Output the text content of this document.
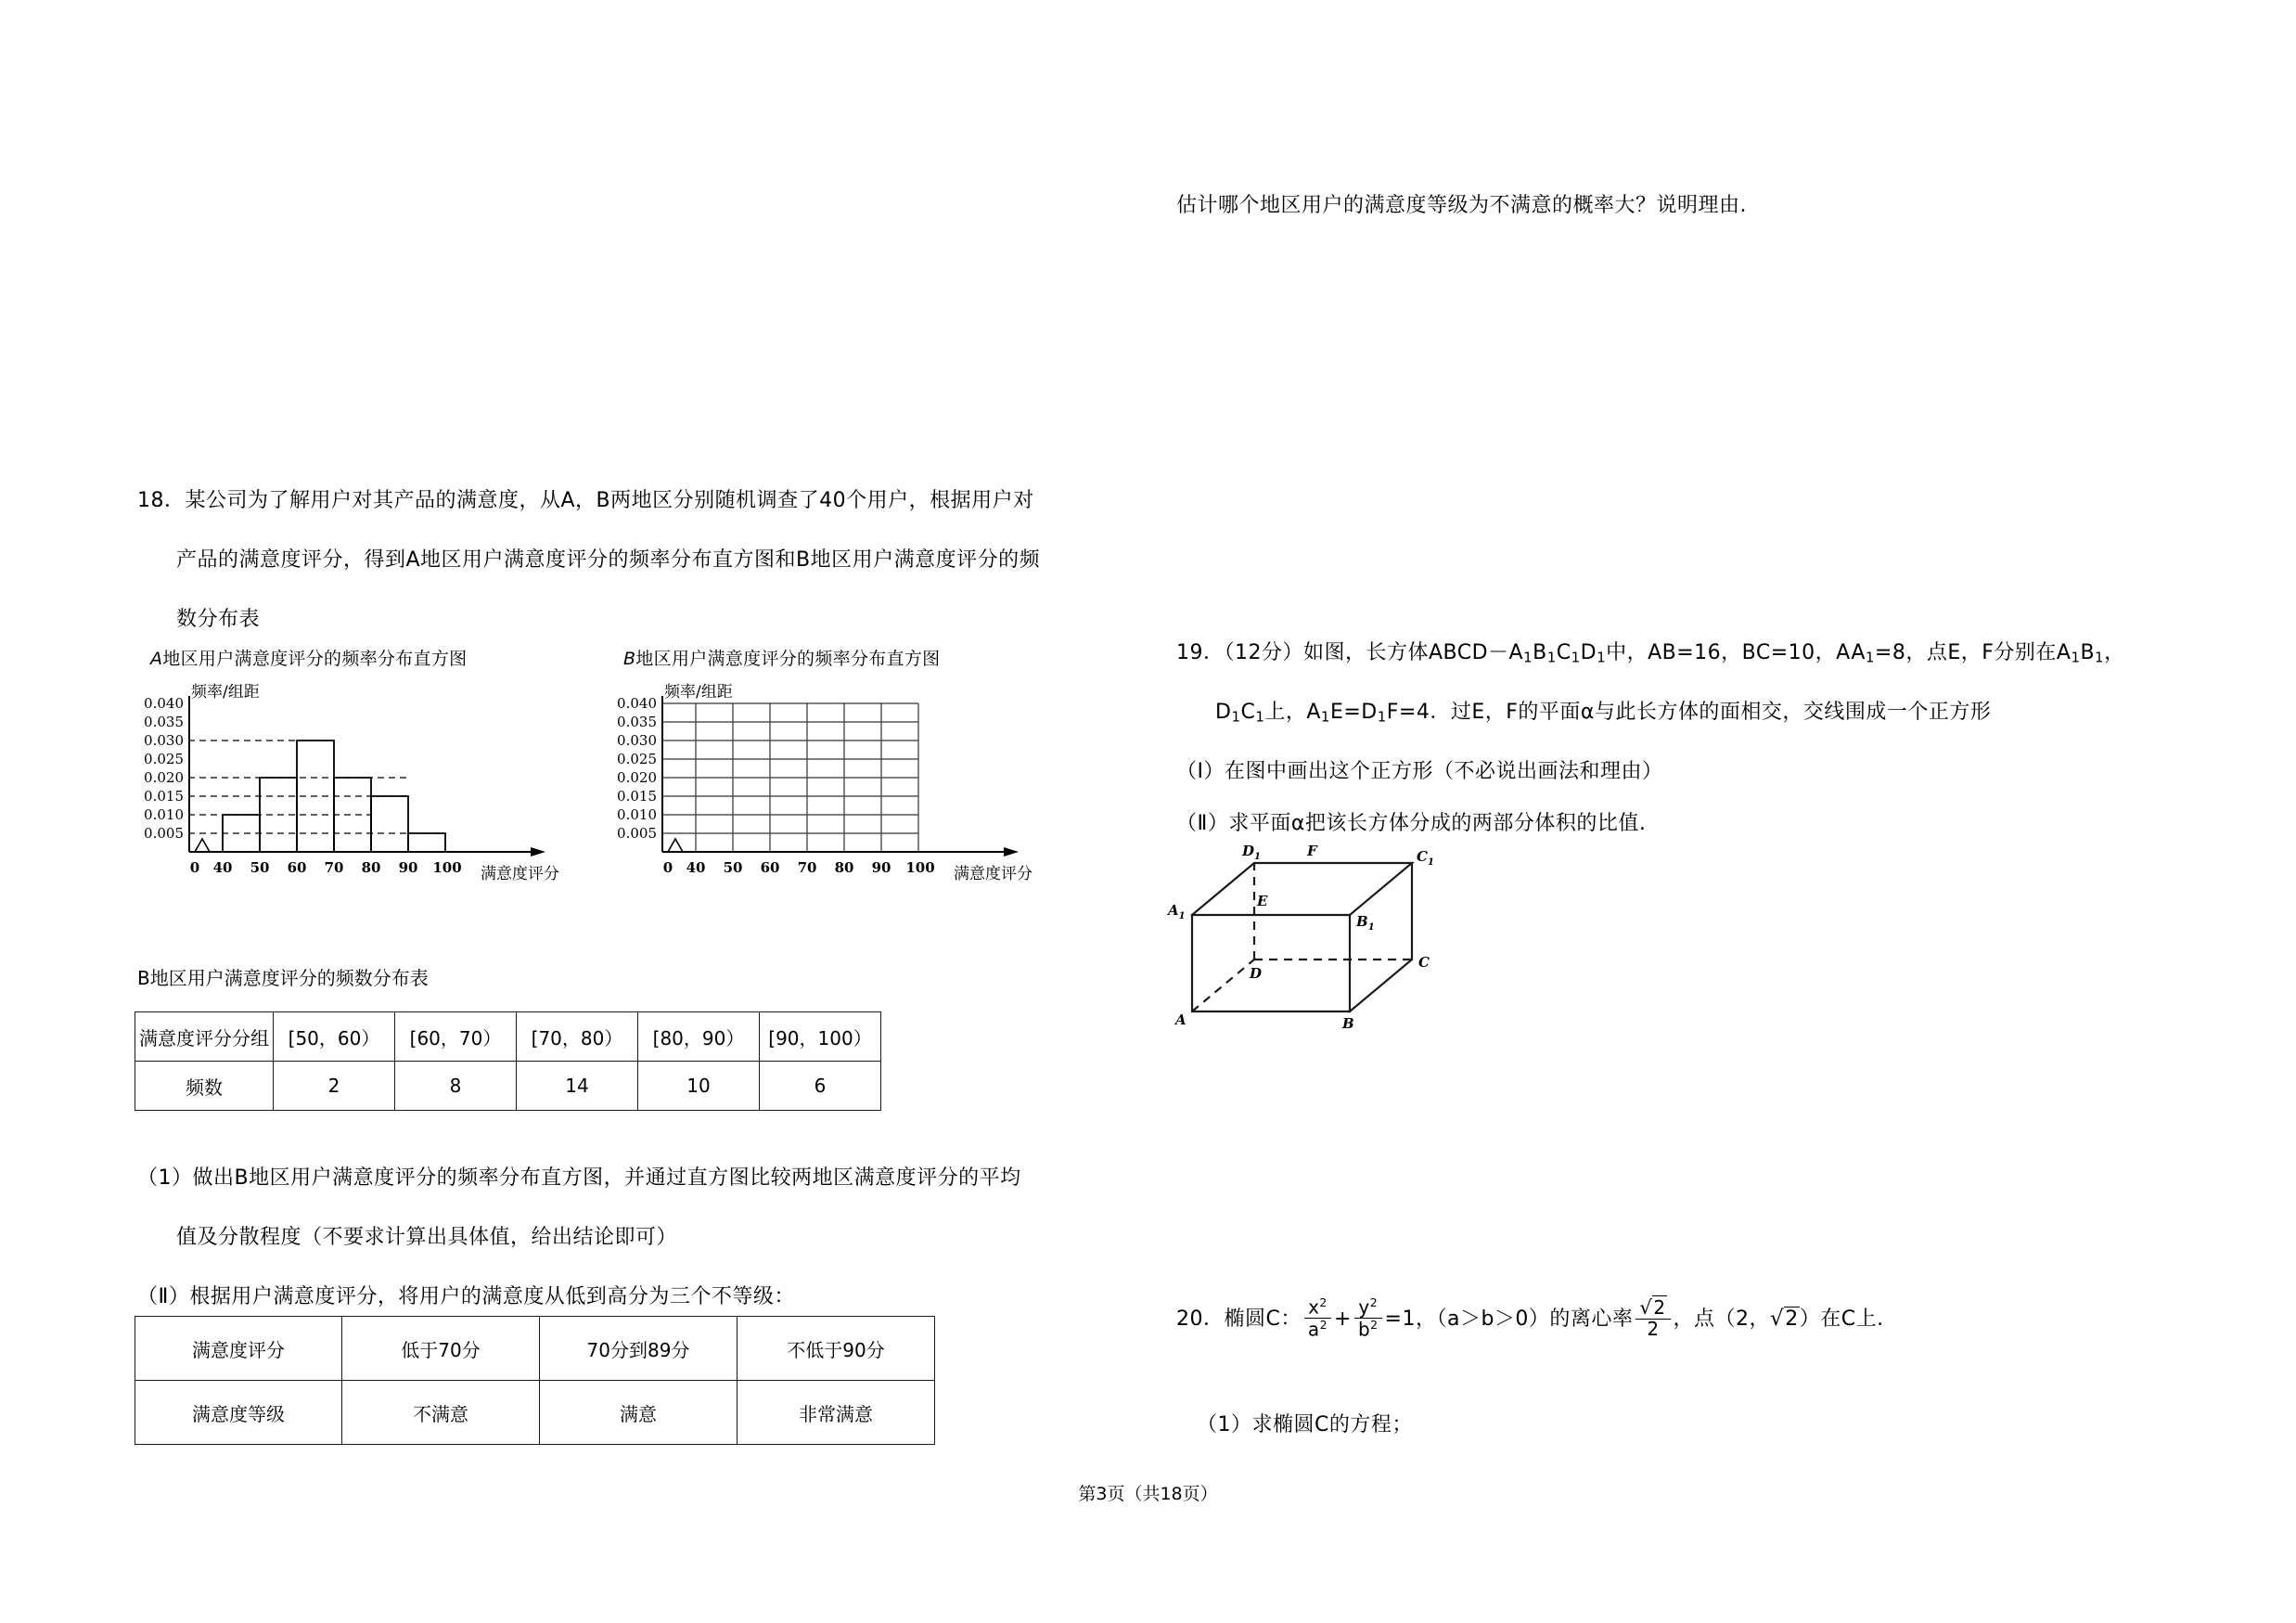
估计哪个地区用户的满意度等级为不满意的概率大？说明理由.
18．某公司为了解用户对其产品的满意度，从A，B两地区分别随机调查了40个用户，根据用户对
产品的满意度评分，得到A地区用户满意度评分的频率分布直方图和B地区用户满意度评分的频
数分布表
A地区用户满意度评分的频率分布直方图
频率/组距
0.040
0.035
0.030
0.025
0.020
0.015
0.010
0.005
0 40 50 60 70 80 90 100 满意度评分
B地区用户满意度评分的频率分布直方图
频率/组距
0.040
0.035
0.030
0.025
0.020
0.015
0.010
0.005
0 40 50 60 70 80 90 100 满意度评分
B地区用户满意度评分的频数分布表
满意度评分分组	[50，60）	[60，70）	[70，80）	[80，90）	[90，100）
频数	2	8	14	10	6
（1）做出B地区用户满意度评分的频率分布直方图，并通过直方图比较两地区满意度评分的平均
值及分散程度（不要求计算出具体值，给出结论即可）
（Ⅱ）根据用户满意度评分，将用户的满意度从低到高分为三个不等级：
满意度评分	低于70分	70分到89分	不低于90分
满意度等级	不满意	满意	非常满意
19．（12分）如图，长方体$ABCD-A_1B_1C_1D_1$中，AB=16，BC=10，$AA_1=8$，点E，F分别在$A_1B_1$，
$D_1C_1$上，$A_1E=D_1F=4$．过E，F的平面α与此长方体的面相交，交线围成一个正方形
（Ⅰ）在图中画出这个正方形（不必说出画法和理由）
（Ⅱ）求平面α把该长方体分成的两部分体积的比值.
A	B
C
D
$A_1$	$B_1$
$C_1$
$D_1$
E
F
20．椭圆C： $\frac{x^2}{a^2} + \frac{y^2}{b^2} =1$，（a＞b＞0）的离心率 $\frac{√2}{2}$ ，点（2，√2）在C上.
（1）求椭圆C的方程；
第3页（共18页）
